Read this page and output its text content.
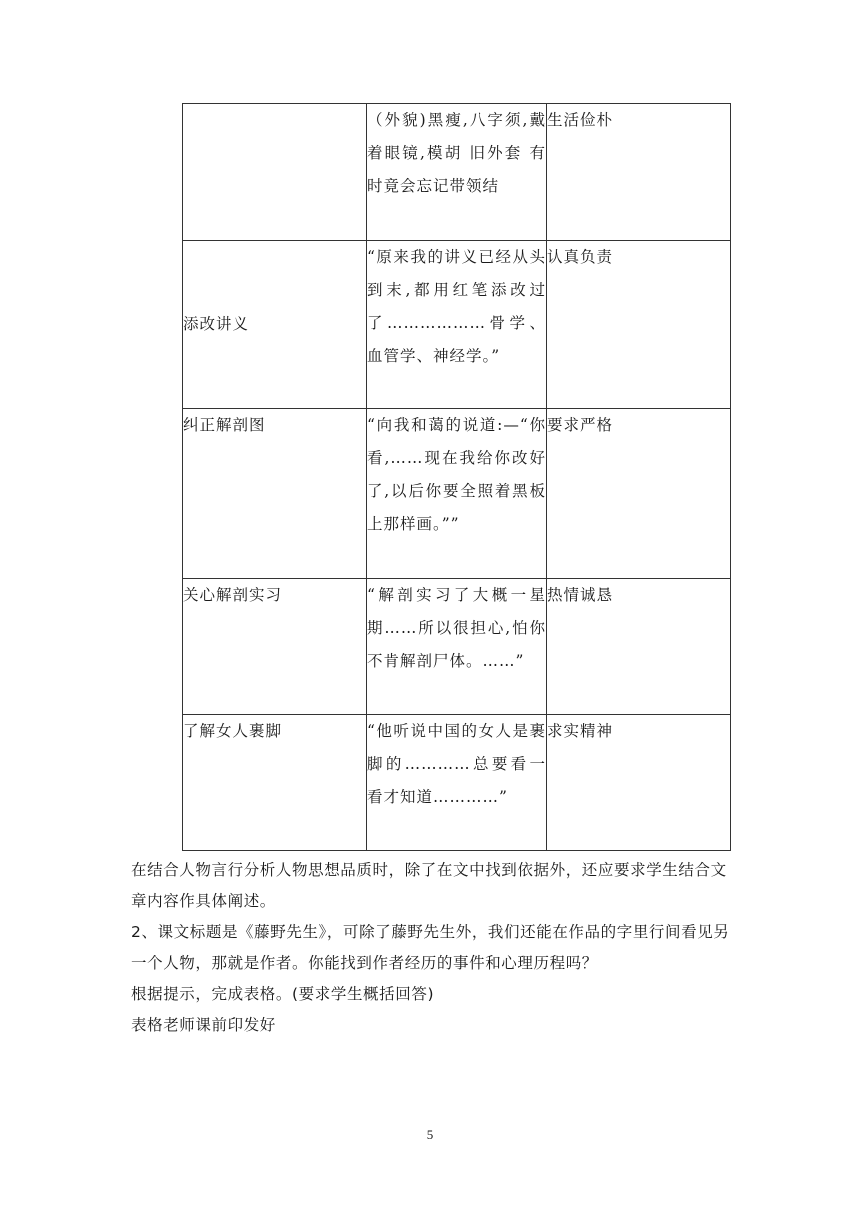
	（外貌)黑瘦,八字须,戴着眼镜,模胡 旧外套 有时竟会忘记带领结	生活俭朴
添改讲义	“原来我的讲义已经从头到末,都用红笔添改过了………………骨学、血管学、神经学。”	认真负责
纠正解剖图	“向我和蔼的说道:—“你看,……现在我给你改好了,以后你要全照着黑板上那样画。””	要求严格
关心解剖实习	“解剖实习了大概一星期……所以很担心,怕你不肯解剖尸体。……”	热情诚恳
了解女人裹脚	“他听说中国的女人是裹脚的…………总要看一看才知道…………”	求实精神

在结合人物言行分析人物思想品质时，除了在文中找到依据外，还应要求学生结合文章内容作具体阐述。

2、课文标题是《藤野先生》，可除了藤野先生外，我们还能在作品的字里行间看见另一个人物，那就是作者。你能找到作者经历的事件和心理历程吗？

根据提示，完成表格。(要求学生概括回答)

表格老师课前印发好

5
